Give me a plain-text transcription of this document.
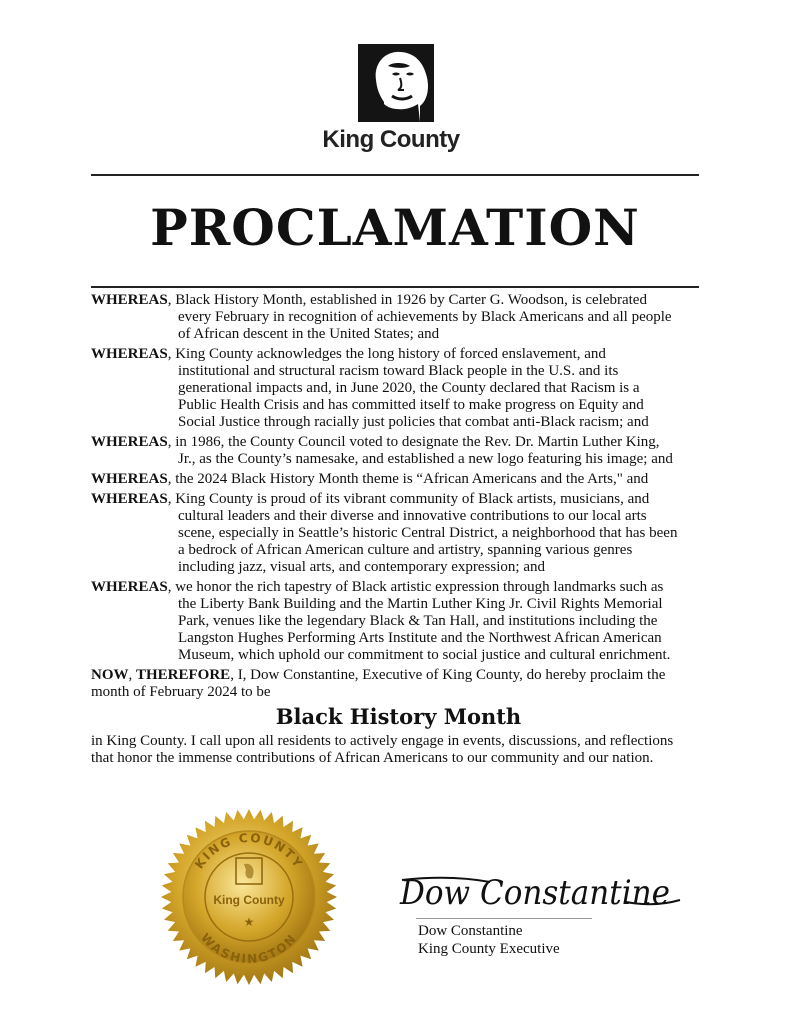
King County
PROCLAMATION
WHEREAS, Black History Month, established in 1926 by Carter G. Woodson, is celebrated
every February in recognition of achievements by Black Americans and all people
of African descent in the United States; and
WHEREAS, King County acknowledges the long history of forced enslavement, and
institutional and structural racism toward Black people in the U.S. and its
generational impacts and, in June 2020, the County declared that Racism is a
Public Health Crisis and has committed itself to make progress on Equity and
Social Justice through racially just policies that combat anti-Black racism; and
WHEREAS, in 1986, the County Council voted to designate the Rev. Dr. Martin Luther King,
Jr., as the County’s namesake, and established a new logo featuring his image; and
WHEREAS, the 2024 Black History Month theme is “African Americans and the Arts," and
WHEREAS, King County is proud of its vibrant community of Black artists, musicians, and
cultural leaders and their diverse and innovative contributions to our local arts
scene, especially in Seattle’s historic Central District, a neighborhood that has been
a bedrock of African American culture and artistry, spanning various genres
including jazz, visual arts, and contemporary expression; and
WHEREAS, we honor the rich tapestry of Black artistic expression through landmarks such as
the Liberty Bank Building and the Martin Luther King Jr. Civil Rights Memorial
Park, venues like the legendary Black & Tan Hall, and institutions including the
Langston Hughes Performing Arts Institute and the Northwest African American
Museum, which uphold our commitment to social justice and cultural enrichment.
NOW, THEREFORE, I, Dow Constantine, Executive of King County, do hereby proclaim the
month of February 2024 to be
Black History Month
in King County. I call upon all residents to actively engage in events, discussions, and reflections
that honor the immense contributions of African Americans to our community and our nation.
KING COUNTY
WASHINGTON
King County
★
Dow Constantine
Dow Constantine
King County Executive
